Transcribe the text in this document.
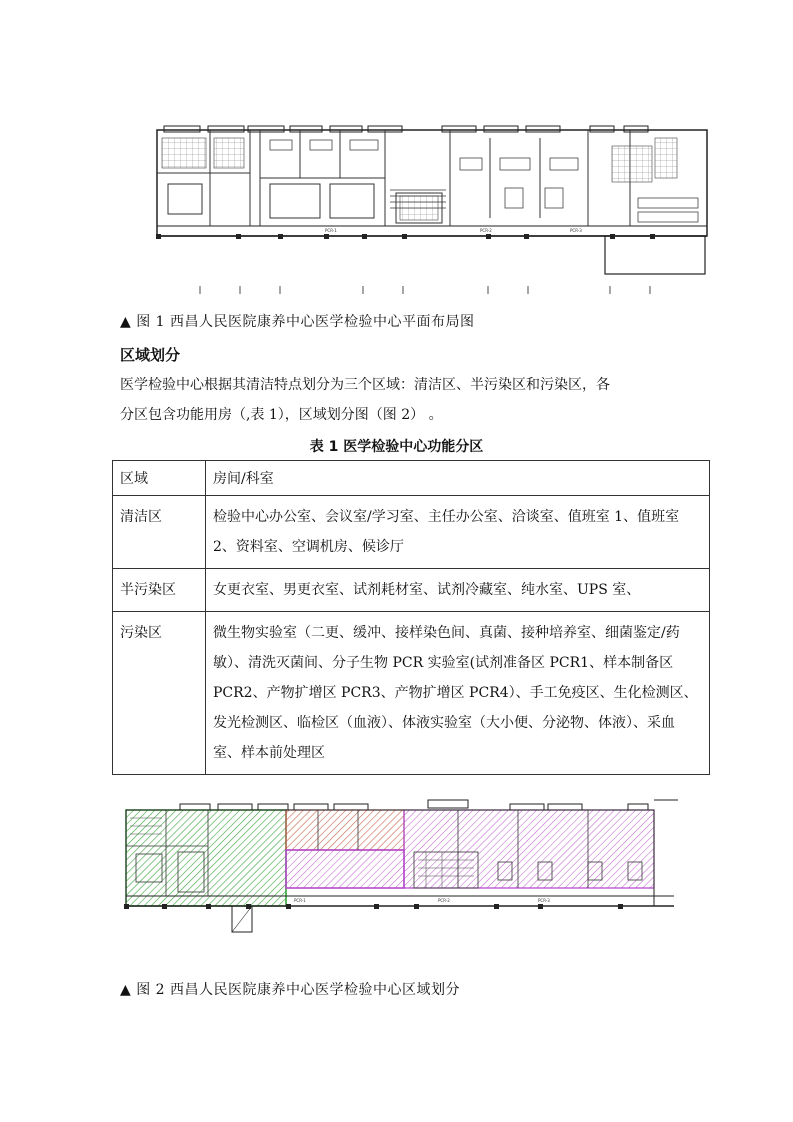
PCR-1	PCR-2	PCR-3
▲ 图 1 西昌人民医院康养中心医学检验中心平面布局图
区域划分
医学检验中心根据其清洁特点划分为三个区域：清洁区、半污染区和污染区，各
分区包含功能用房（,表 1），区域划分图（图 2） 。
表 1 医学检验中心功能分区
区域	房间/科室
清洁区	检验中心办公室、会议室/学习室、主任办公室、洽谈室、值班室 1、值班室 2、资料室、空调机房、候诊厅
半污染区	女更衣室、男更衣室、试剂耗材室、试剂冷藏室、纯水室、UPS 室、
污染区	微生物实验室（二更、缓冲、接样染色间、真菌、接种培养室、细菌鉴定/药敏）、清洗灭菌间、分子生物 PCR 实验室(试剂准备区 PCR1、样本制备区 PCR2、产物扩增区 PCR3、产物扩增区 PCR4）、手工免疫区、生化检测区、发光检测区、临检区（血液）、体液实验室（大小便、分泌物、体液）、采血室、样本前处理区
PCR-1	PCR-2	PCR-3
▲ 图 2 西昌人民医院康养中心医学检验中心区域划分
